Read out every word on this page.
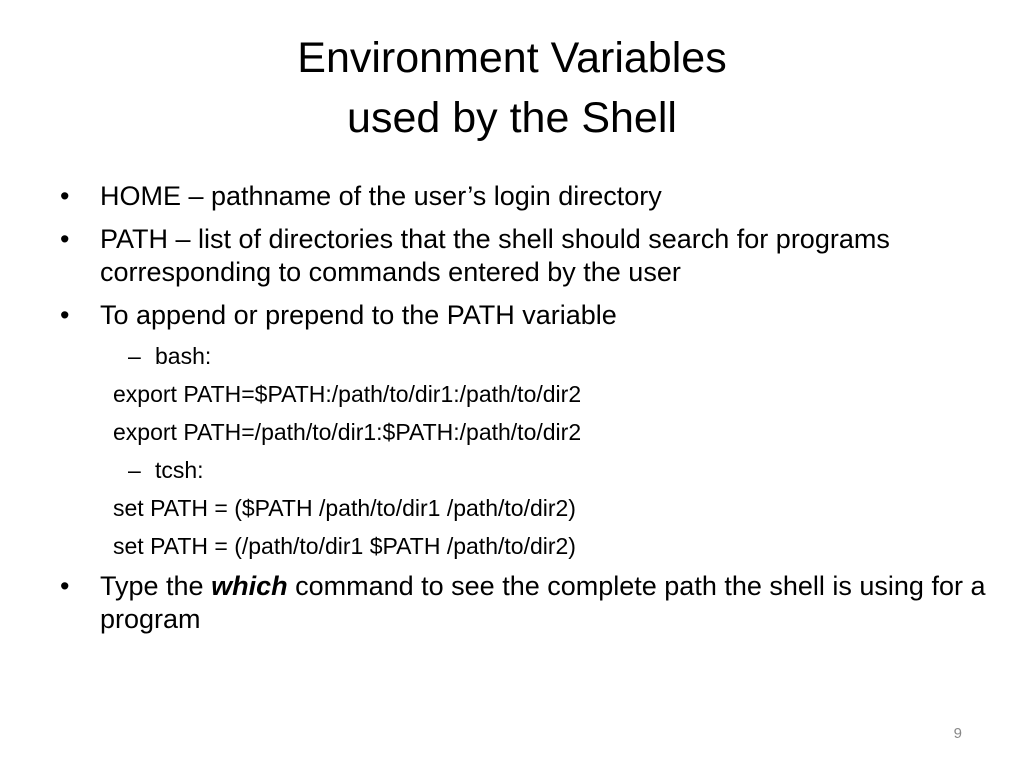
Environment Variables
used by the Shell
•	HOME – pathname of the user’s login directory
•	PATH – list of directories that the shell should search for programs corresponding to commands entered by the user
•	To append or prepend to the PATH variable
– bash:
export PATH=$PATH:/path/to/dir1:/path/to/dir2
export PATH=/path/to/dir1:$PATH:/path/to/dir2
– tcsh:
set PATH = ($PATH /path/to/dir1 /path/to/dir2)
set PATH = (/path/to/dir1 $PATH /path/to/dir2)
•	Type the which command to see the complete path the shell is using for a program
9
